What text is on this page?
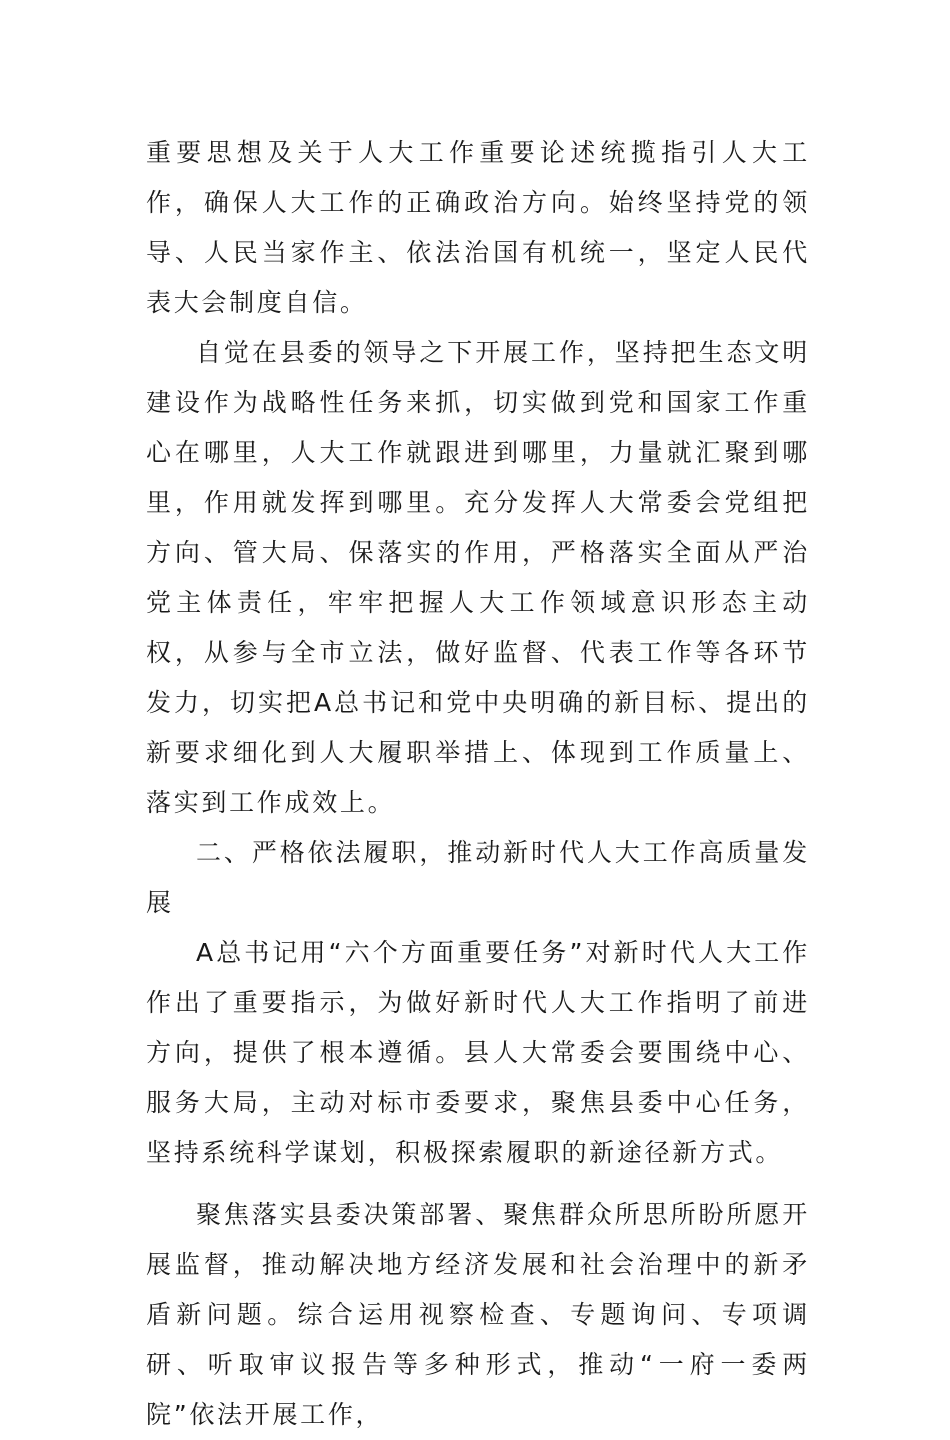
重要思想及关于人大工作重要论述统揽指引人大工作，确保人大工作的正确政治方向。始终坚持党的领导、人民当家作主、依法治国有机统一，坚定人民代表大会制度自信。

自觉在县委的领导之下开展工作，坚持把生态文明建设作为战略性任务来抓，切实做到党和国家工作重心在哪里，人大工作就跟进到哪里，力量就汇聚到哪里，作用就发挥到哪里。充分发挥人大常委会党组把方向、管大局、保落实的作用，严格落实全面从严治党主体责任，牢牢把握人大工作领域意识形态主动权，从参与全市立法，做好监督、代表工作等各环节发力，切实把A总书记和党中央明确的新目标、提出的新要求细化到人大履职举措上、体现到工作质量上、落实到工作成效上。

二、严格依法履职，推动新时代人大工作高质量发展

A总书记用“六个方面重要任务”对新时代人大工作作出了重要指示，为做好新时代人大工作指明了前进方向，提供了根本遵循。县人大常委会要围绕中心、服务大局，主动对标市委要求，聚焦县委中心任务，坚持系统科学谋划，积极探索履职的新途径新方式。

聚焦落实县委决策部署、聚焦群众所思所盼所愿开展监督，推动解决地方经济发展和社会治理中的新矛盾新问题。综合运用视察检查、专题询问、专项调研、听取审议报告等多种形式，推动“一府一委两院”依法开展工作，
